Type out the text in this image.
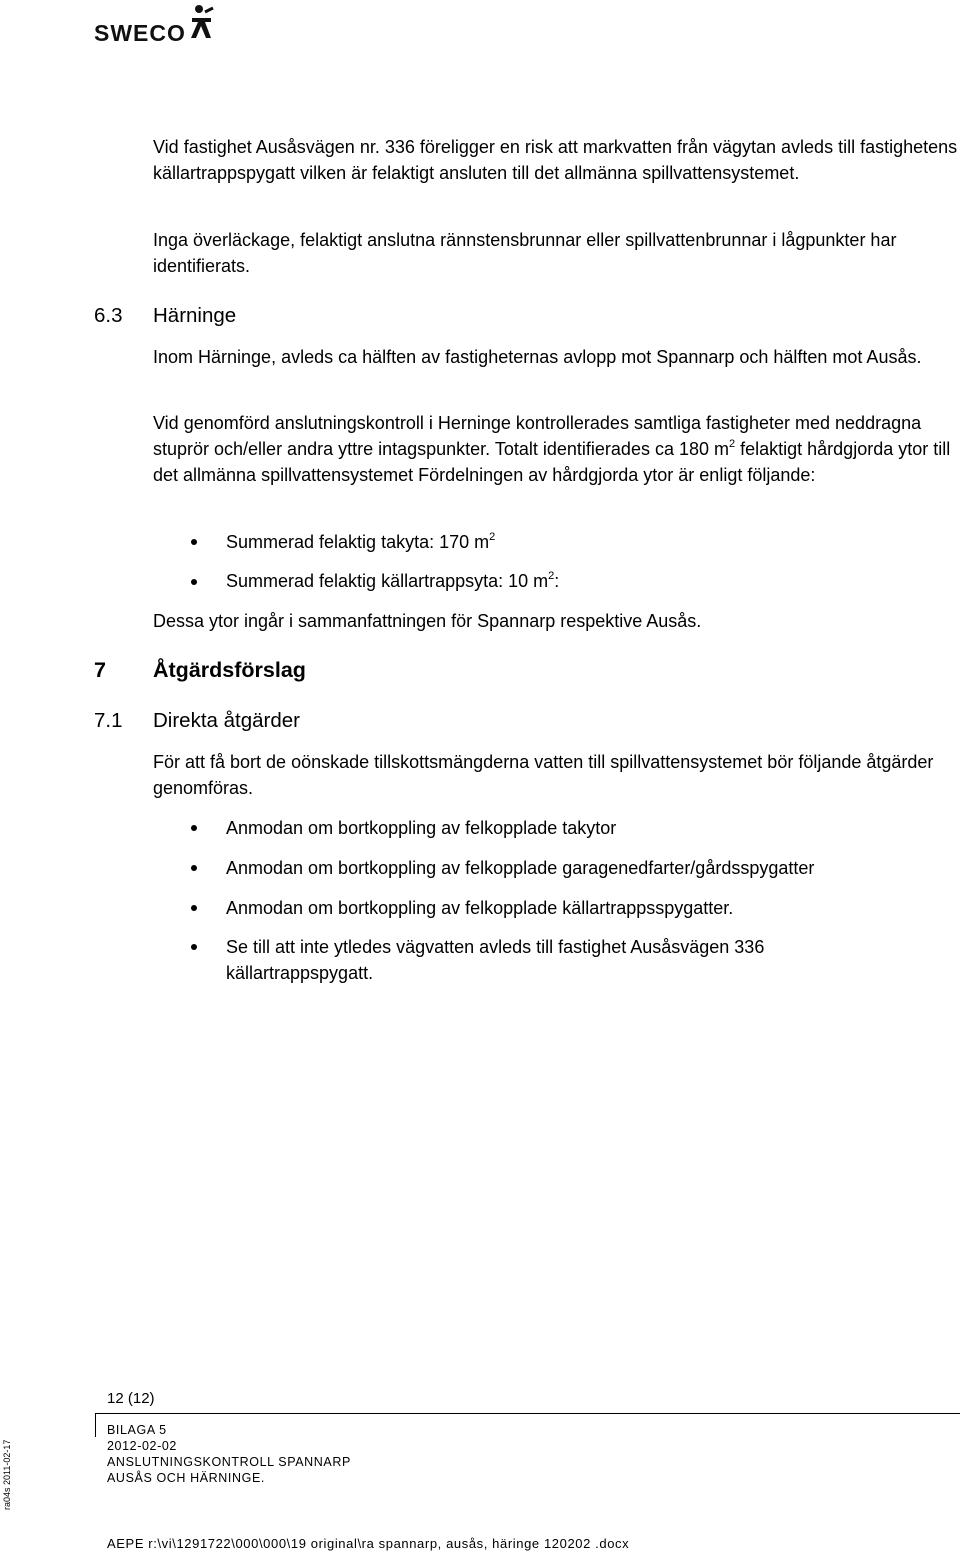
SWECO

Vid fastighet Ausåsvägen nr. 336 föreligger en risk att markvatten från vägytan avleds till fastighetens källartrappspygatt vilken är felaktigt ansluten till det allmänna spillvattensystemet.

Inga överläckage, felaktigt anslutna rännstensbrunnar eller spillvattenbrunnar i lågpunkter har identifierats.

6.3 Härninge

Inom Härninge, avleds ca hälften av fastigheternas avlopp mot Spannarp och hälften mot Ausås.

Vid genomförd anslutningskontroll i Herninge kontrollerades samtliga fastigheter med neddragna stuprör och/eller andra yttre intagspunkter. Totalt identifierades ca 180 $m^2$ felaktigt hårdgjorda ytor till det allmänna spillvattensystemet Fördelningen av hårdgjorda ytor är enligt följande:

Summerad felaktig takyta: 170 $m^2$
Summerad felaktig källartrappsyta: 10 $m^2$:

Dessa ytor ingår i sammanfattningen för Spannarp respektive Ausås.

7 Åtgärdsförslag
7.1 Direkta åtgärder

För att få bort de oönskade tillskottsmängderna vatten till spillvattensystemet bör följande åtgärder genomföras.

Anmodan om bortkoppling av felkopplade takytor
Anmodan om bortkoppling av felkopplade garagenedfarter/gårdsspygatter
Anmodan om bortkoppling av felkopplade källartrappsspygatter.
Se till att inte ytledes vägvatten avleds till fastighet Ausåsvägen 336 källartrappspygatt.
12 (12)
BILAGA 5
2012-02-02
ANSLUTNINGSKONTROLL SPANNARP
AUSÅS OCH HÄRNINGE.
ra04s 2011-02-17
AEPE r:\vi\1291722\000\000\19 original\ra spannarp, ausås, häringe 120202 .docx
